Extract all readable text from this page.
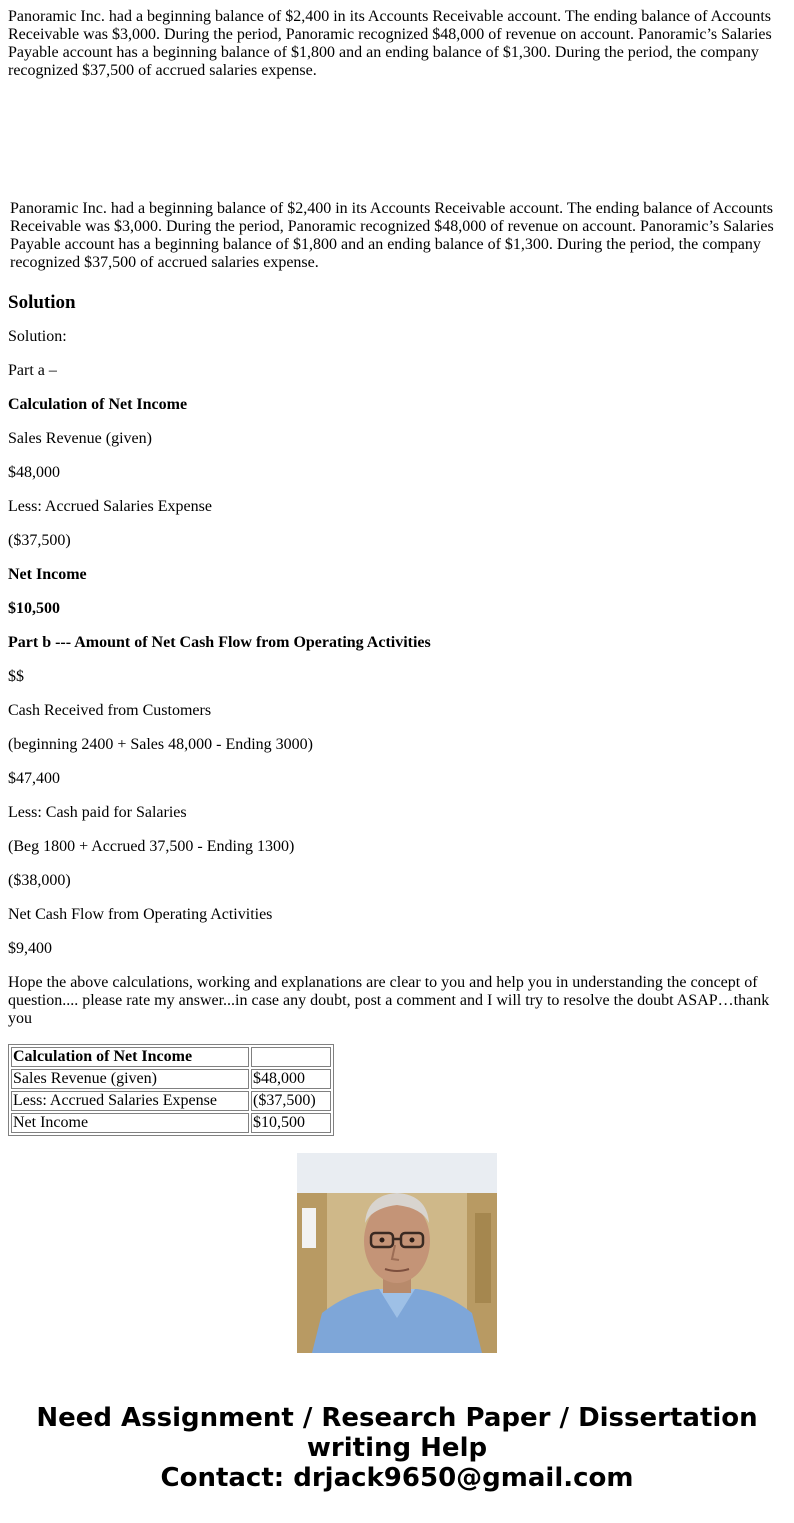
Panoramic Inc. had a beginning balance of $2,400 in its Accounts Receivable account. The ending balance of Accounts Receivable was $3,000. During the period, Panoramic recognized $48,000 of revenue on account. Panoramic’s Salaries Payable account has a beginning balance of $1,800 and an ending balance of $1,300. During the period, the company recognized $37,500 of accrued salaries expense.

Panoramic Inc. had a beginning balance of $2,400 in its Accounts Receivable account. The ending balance of Accounts Receivable was $3,000. During the period, Panoramic recognized $48,000 of revenue on account. Panoramic’s Salaries Payable account has a beginning balance of $1,800 and an ending balance of $1,300. During the period, the company recognized $37,500 of accrued salaries expense.

Solution

Solution:

Part a –

Calculation of Net Income

Sales Revenue (given)

$48,000

Less: Accrued Salaries Expense

($37,500)

Net Income

$10,500

Part b --- Amount of Net Cash Flow from Operating Activities

$$

Cash Received from Customers

(beginning 2400 + Sales 48,000 - Ending 3000)

$47,400

Less: Cash paid for Salaries

(Beg 1800 + Accrued 37,500 - Ending 1300)

($38,000)

Net Cash Flow from Operating Activities

$9,400

Hope the above calculations, working and explanations are clear to you and help you in understanding the concept of question.... please rate my answer...in case any doubt, post a comment and I will try to resolve the doubt ASAP…thank you

Calculation of Net Income	
Sales Revenue (given)	$48,000
Less: Accrued Salaries Expense	($37,500)
Net Income	$10,500
Need Assignment / Research Paper / Dissertation writing Help
Contact: drjack9650@gmail.com
